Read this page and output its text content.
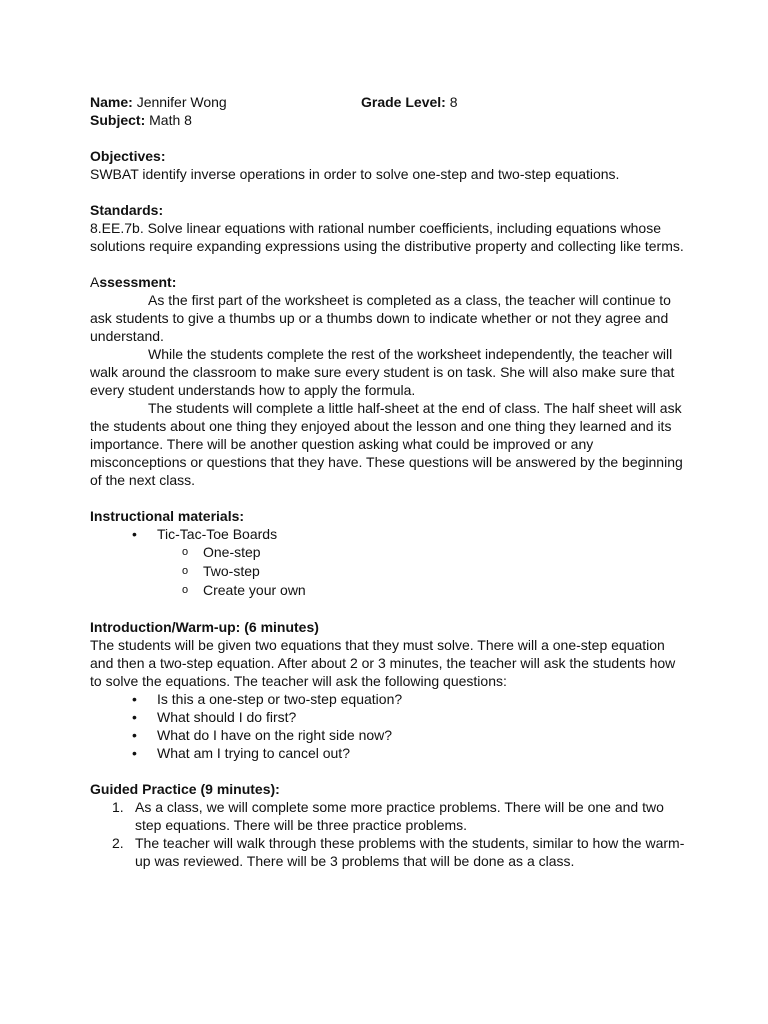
Name: Jennifer Wong	Grade Level: 8
Subject: Math 8
Objectives:

SWBAT identify inverse operations in order to solve one-step and two-step equations.

Standards:

8.EE.7b. Solve linear equations with rational number coefficients, including equations whose solutions require expanding expressions using the distributive property and collecting like terms.

Assessment:

As the first part of the worksheet is completed as a class, the teacher will continue to ask students to give a thumbs up or a thumbs down to indicate whether or not they agree and understand.

While the students complete the rest of the worksheet independently, the teacher will walk around the classroom to make sure every student is on task. She will also make sure that every student understands how to apply the formula.

The students will complete a little half-sheet at the end of class. The half sheet will ask the students about one thing they enjoyed about the lesson and one thing they learned and its importance. There will be another question asking what could be improved or any misconceptions or questions that they have. These questions will be answered by the beginning of the next class.

Instructional materials:
• Tic-Tac-Toe Boards
o One-step
o Two-step
o Create your own
Introduction/Warm-up: (6 minutes)

The students will be given two equations that they must solve. There will a one-step equation and then a two-step equation. After about 2 or 3 minutes, the teacher will ask the students how to solve the equations. The teacher will ask the following questions:

• Is this a one-step or two-step equation?
• What should I do first?
• What do I have on the right side now?
• What am I trying to cancel out?
Guided Practice (9 minutes):
1. As a class, we will complete some more practice problems. There will be one and two step equations. There will be three practice problems.
2. The teacher will walk through these problems with the students, similar to how the warm-up was reviewed. There will be 3 problems that will be done as a class.
